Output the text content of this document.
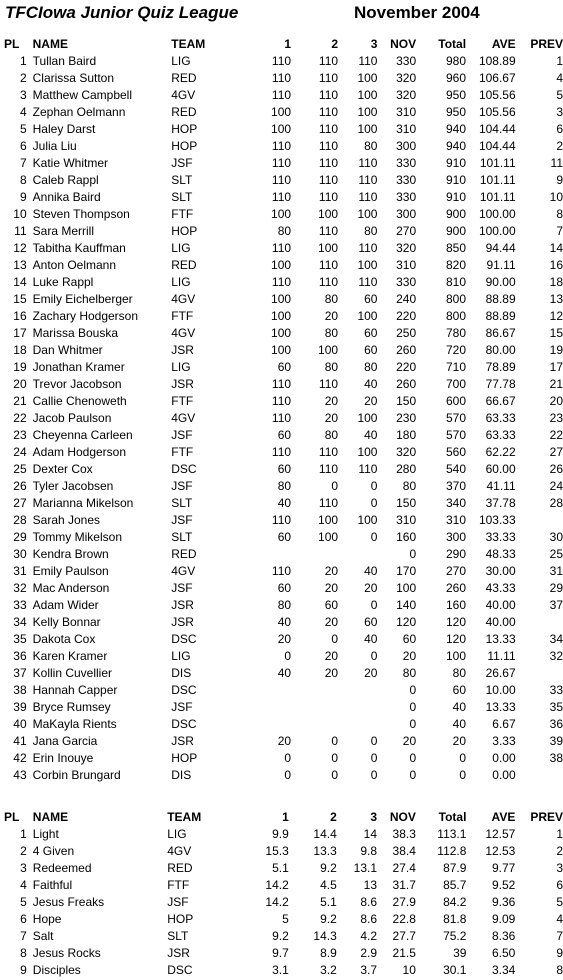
TFCIowa Junior Quiz League	November 2004
PL	NAME	TEAM	1	2	3	NOV	Total	AVE	PREV
1	Tullan Baird	LIG	110	110	110	330	980	108.89	1
2	Clarissa Sutton	RED	110	110	100	320	960	106.67	4
3	Matthew Campbell	4GV	110	110	100	320	950	105.56	5
4	Zephan Oelmann	RED	100	110	100	310	950	105.56	3
5	Haley Darst	HOP	100	110	100	310	940	104.44	6
6	Julia Liu	HOP	110	110	80	300	940	104.44	2
7	Katie Whitmer	JSF	110	110	110	330	910	101.11	11
8	Caleb Rappl	SLT	110	110	110	330	910	101.11	9
9	Annika Baird	SLT	110	110	110	330	910	101.11	10
10	Steven Thompson	FTF	100	100	100	300	900	100.00	8
11	Sara Merrill	HOP	80	110	80	270	900	100.00	7
12	Tabitha Kauffman	LIG	110	100	110	320	850	94.44	14
13	Anton Oelmann	RED	100	110	100	310	820	91.11	16
14	Luke Rappl	LIG	110	110	110	330	810	90.00	18
15	Emily Eichelberger	4GV	100	80	60	240	800	88.89	13
16	Zachary Hodgerson	FTF	100	20	100	220	800	88.89	12
17	Marissa Bouska	4GV	100	80	60	250	780	86.67	15
18	Dan Whitmer	JSR	100	100	60	260	720	80.00	19
19	Jonathan Kramer	LIG	60	80	80	220	710	78.89	17
20	Trevor Jacobson	JSR	110	110	40	260	700	77.78	21
21	Callie Chenoweth	FTF	110	20	20	150	600	66.67	20
22	Jacob Paulson	4GV	110	20	100	230	570	63.33	23
23	Cheyenna Carleen	JSF	60	80	40	180	570	63.33	22
24	Adam Hodgerson	FTF	110	110	100	320	560	62.22	27
25	Dexter Cox	DSC	60	110	110	280	540	60.00	26
26	Tyler Jacobsen	JSF	80	0	0	80	370	41.11	24
27	Marianna Mikelson	SLT	40	110	0	150	340	37.78	28
28	Sarah Jones	JSF	110	100	100	310	310	103.33	
29	Tommy Mikelson	SLT	60	100	0	160	300	33.33	30
30	Kendra Brown	RED				0	290	48.33	25
31	Emily Paulson	4GV	110	20	40	170	270	30.00	31
32	Mac Anderson	JSF	60	20	20	100	260	43.33	29
33	Adam Wider	JSR	80	60	0	140	160	40.00	37
34	Kelly Bonnar	JSR	40	20	60	120	120	40.00	
35	Dakota Cox	DSC	20	0	40	60	120	13.33	34
36	Karen Kramer	LIG	0	20	0	20	100	11.11	32
37	Kollin Cuvellier	DIS	40	20	20	80	80	26.67	
38	Hannah Capper	DSC				0	60	10.00	33
39	Bryce Rumsey	JSF				0	40	13.33	35
40	MaKayla Rients	DSC				0	40	6.67	36
41	Jana Garcia	JSR	20	0	0	20	20	3.33	39
42	Erin Inouye	HOP	0	0	0	0	0	0.00	38
43	Corbin Brungard	DIS	0	0	0	0	0	0.00	
PL	NAME	TEAM	1	2	3	NOV	Total	AVE	PREV
1	Light	LIG	9.9	14.4	14	38.3	113.1	12.57	1
2	4 Given	4GV	15.3	13.3	9.8	38.4	112.8	12.53	2
3	Redeemed	RED	5.1	9.2	13.1	27.4	87.9	9.77	3
4	Faithful	FTF	14.2	4.5	13	31.7	85.7	9.52	6
5	Jesus Freaks	JSF	14.2	5.1	8.6	27.9	84.2	9.36	5
6	Hope	HOP	5	9.2	8.6	22.8	81.8	9.09	4
7	Salt	SLT	9.2	14.3	4.2	27.7	75.2	8.36	7
8	Jesus Rocks	JSR	9.7	8.9	2.9	21.5	39	6.50	9
9	Disciples	DSC	3.1	3.2	3.7	10	30.1	3.34	8
